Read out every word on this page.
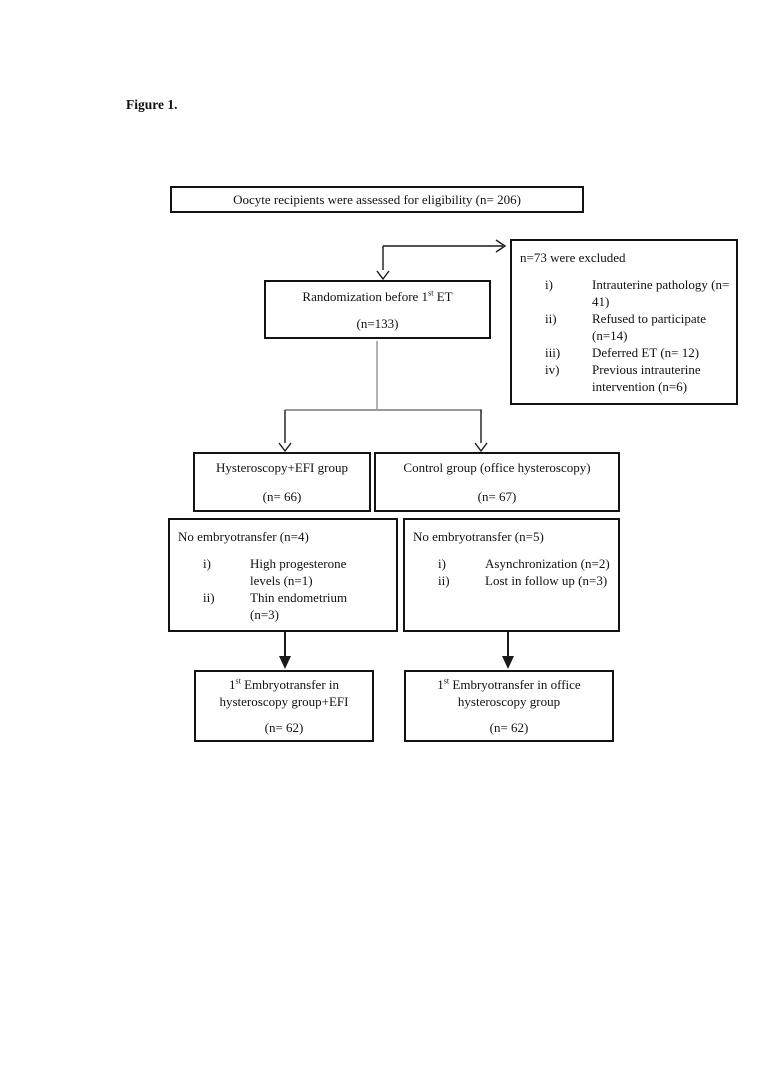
Figure 1.
Oocyte recipients were assessed for eligibility (n= 206)
n=73 were excluded
i)	Intrauterine pathology (n= 41)
ii)	Refused to participate (n=14)
iii)	Deferred ET (n= 12)
iv)	Previous intrauterine intervention (n=6)
Randomization before 1st ET
(n=133)
Hysteroscopy+EFI group
(n= 66)
Control group (office hysteroscopy)
(n= 67)
No embryotransfer (n=4)
i)	High progesterone levels (n=1)
ii)	Thin endometrium (n=3)
No embryotransfer (n=5)
i)	Asynchronization (n=2)
ii)	Lost in follow up (n=3)
1st Embryotransfer in hysteroscopy group+EFI
(n= 62)
1st Embryotransfer in office hysteroscopy group
(n= 62)
